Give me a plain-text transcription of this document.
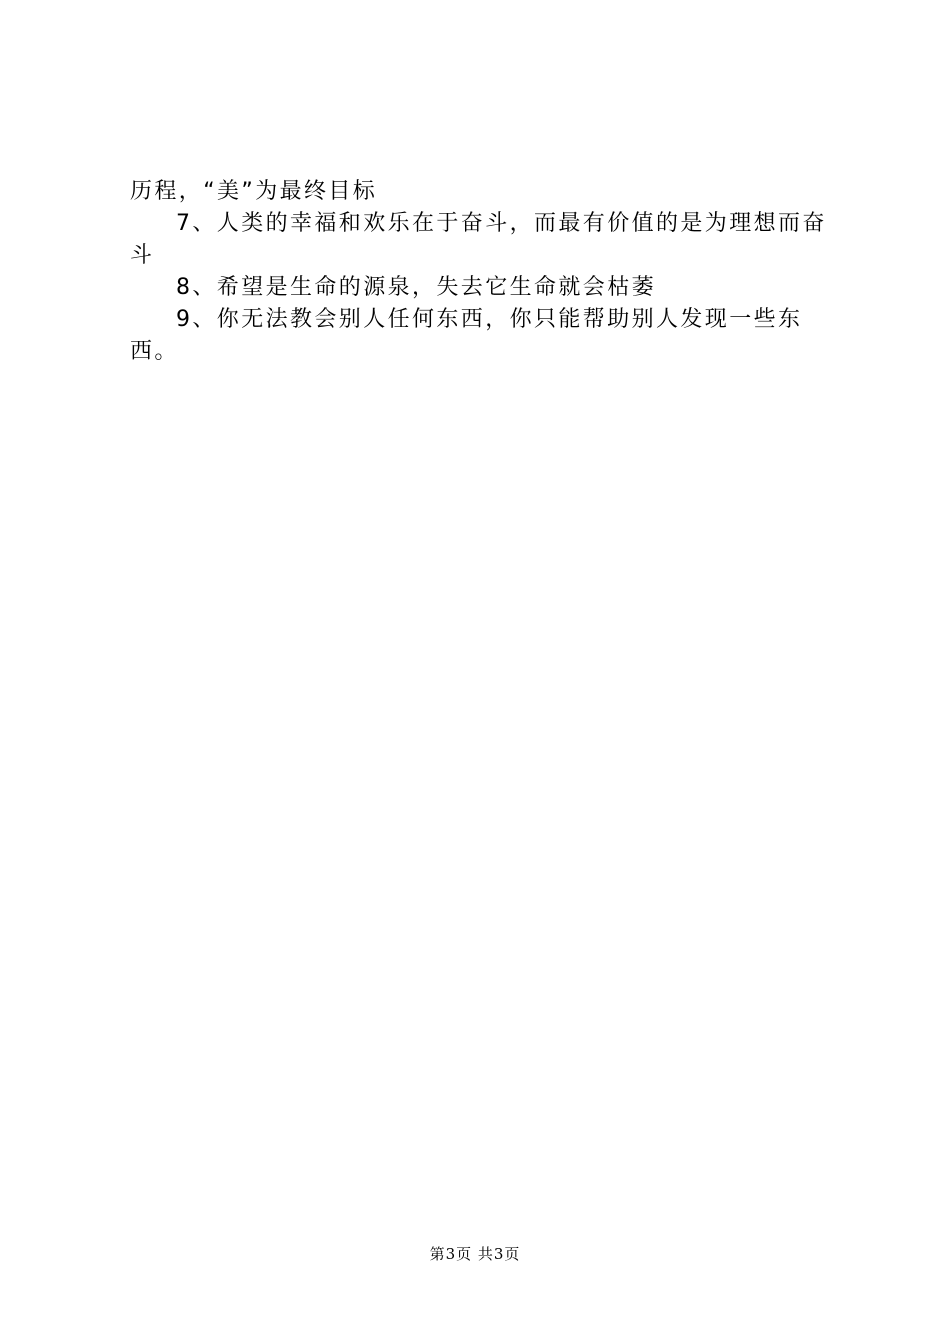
历程，“美”为最终目标

7、人类的幸福和欢乐在于奋斗，而最有价值的是为理想而奋斗

8、希望是生命的源泉，失去它生命就会枯萎

9、你无法教会别人任何东西，你只能帮助别人发现一些东西。

第3页 共3页
